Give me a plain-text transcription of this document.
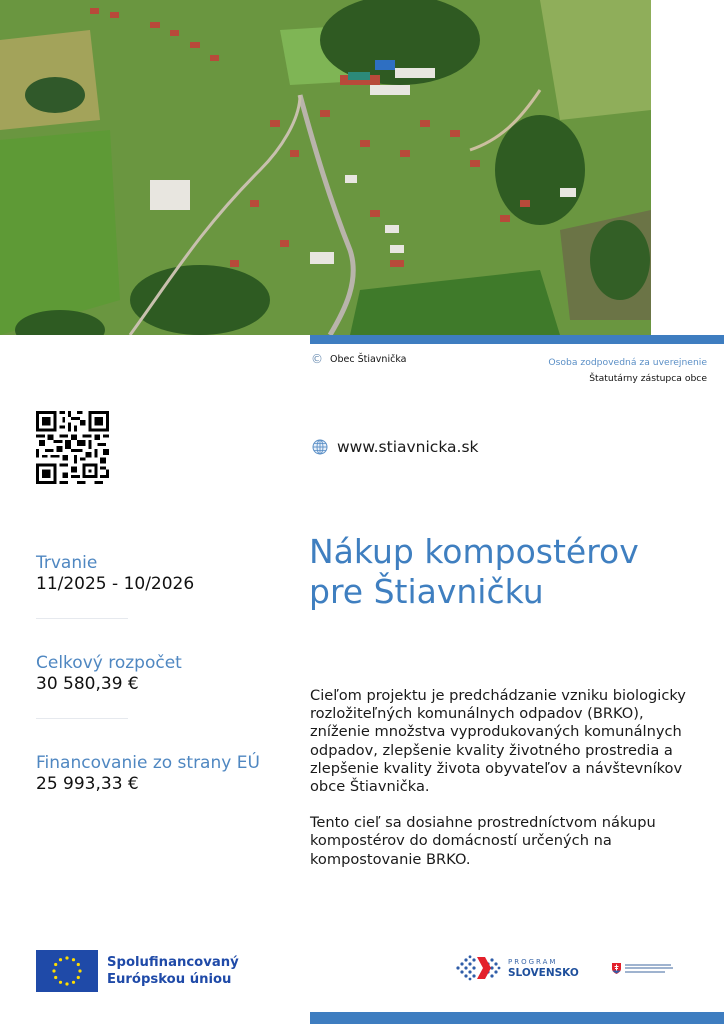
© Obec Štiavnička	Osoba zodpovedná za uverejnenie
Štatutárny zástupca obce
www.stiavnicka.sk
Nákup kompostérov
pre Štiavničku
Trvanie
11/2025 - 10/2026
Celkový rozpočet
30 580,39 €
Financovanie zo strany EÚ
25 993,33 €

Cieľom projektu je predchádzanie vzniku biologicky rozložiteľných komunálnych odpadov (BRKO), zníženie množstva vyprodukovaných komunálnych odpadov, zlepšenie kvality životného prostredia a zlepšenie kvality života obyvateľov a návštevníkov obce Štiavnička.

Tento cieľ sa dosiahne prostredníctvom nákupu kompostérov do domácností určených na kompostovanie BRKO.

Spolufinancovaný
Európskou úniou
PROGRAM
SLOVENSKO
